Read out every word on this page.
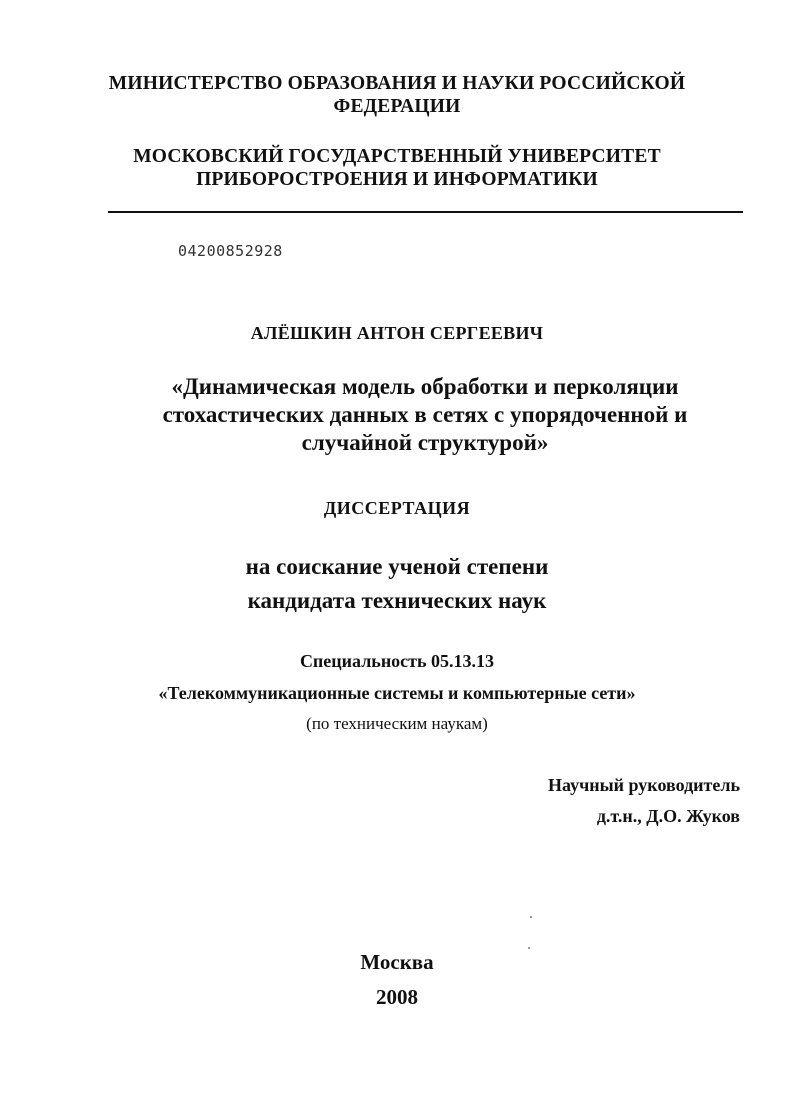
МИНИСТЕРСТВО ОБРАЗОВАНИЯ И НАУКИ РОССИЙСКОЙ
ФЕДЕРАЦИИ
МОСКОВСКИЙ ГОСУДАРСТВЕННЫЙ УНИВЕРСИТЕТ
ПРИБОРОСТРОЕНИЯ И ИНФОРМАТИКИ
04200852928
АЛЁШКИН АНТОН СЕРГЕЕВИЧ
«Динамическая модель обработки и перколяции
стохастических данных в сетях с упорядоченной и
случайной структурой»
ДИССЕРТАЦИЯ
на соискание ученой степени
кандидата технических наук
Специальность 05.13.13
«Телекоммуникационные системы и компьютерные сети»
(по техническим наукам)
Научный руководитель
д.т.н., Д.О. Жуков
Москва
2008
